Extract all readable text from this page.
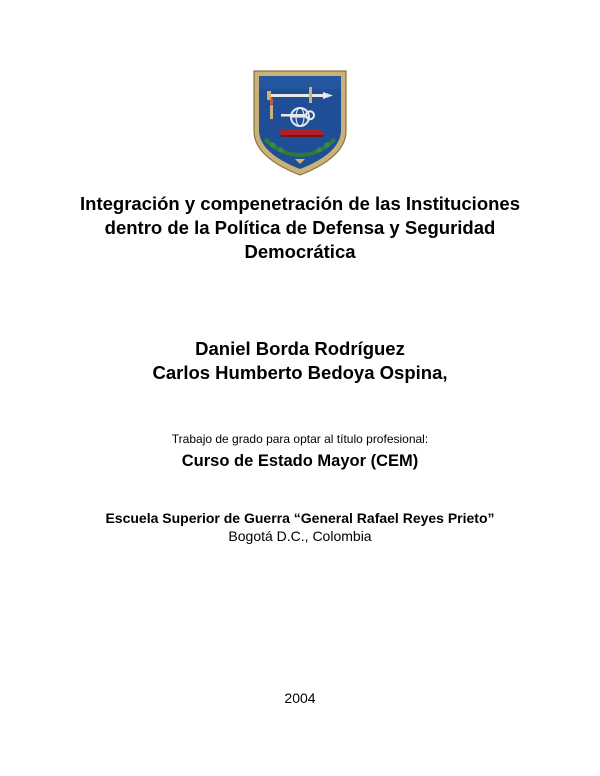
Integración y compenetración de las Instituciones
dentro de la Política de Defensa y Seguridad
Democrática
Daniel Borda Rodríguez
Carlos Humberto Bedoya Ospina,
Trabajo de grado para optar al título profesional:
Curso de Estado Mayor (CEM)
Escuela Superior de Guerra “General Rafael Reyes Prieto”
Bogotá D.C., Colombia
2004
